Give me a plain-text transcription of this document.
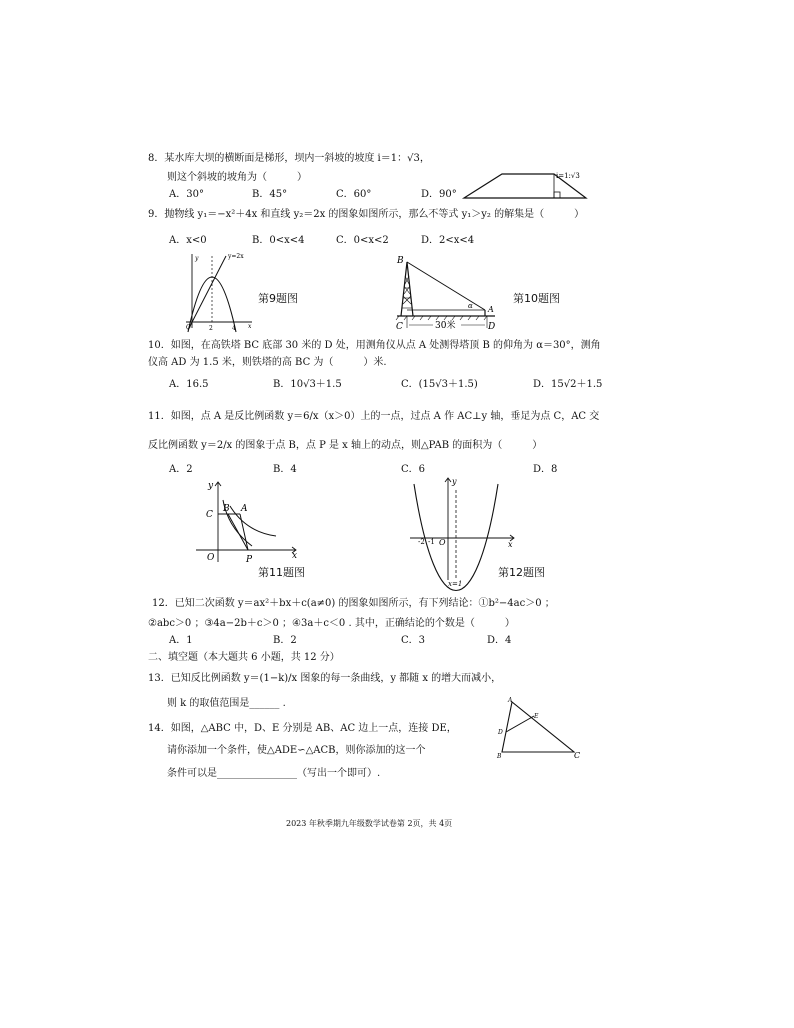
8．某水库大坝的横断面是梯形，坝内一斜坡的坡度 i＝1：√3，
则这个斜坡的坡角为（　　　）
A．30°	B．45°	C．60°	D．90°
i=1:√3
9．抛物线 y₁＝−x²＋4x 和直线 y₂＝2x 的图象如图所示，那么不等式 y₁＞y₂ 的解集是（　　　）
A．x<0	B．0<x<4	C．0<x<2	D．2<x<4
y=2x
y
x
O	2	4
第9题图
B
C	D
A
α
30米
第10题图
10．如图，在高铁塔 BC 底部 30 米的 D 处，用测角仪从点 A 处测得塔顶 B 的仰角为 α＝30°，测角
仪高 AD 为 1.5 米，则铁塔的高 BC 为（　　　）米.
A．16.5	B．10√3＋1.5	C．(15√3＋1.5)	D．15√2＋1.5
11．如图，点 A 是反比例函数 y＝6/x（x＞0）上的一点，过点 A 作 AC⊥y 轴，垂足为点 C，AC 交
反比例函数 y＝2/x 的图象于点 B，点 P 是 x 轴上的动点，则△PAB 的面积为（　　　）
A．2	B．4	C．6	D．8
y
x
O
C
B A
P
第11题图
y
x
O
-2 -1
x=1
第12题图
12．已知二次函数 y＝ax²＋bx＋c(a≠0) 的图象如图所示，有下列结论：①b²−4ac＞0 ；
②abc＞0 ；③4a−2b＋c＞0 ；④3a＋c＜0 . 其中，正确结论的个数是（　　　）
A．1	B．2	C．3	D．4
二、填空题（本大题共 6 小题，共 12 分）
13．已知反比例函数 y＝(1−k)/x 图象的每一条曲线，y 都随 x 的增大而减小，
则 k 的取值范围是______ .
14．如图，△ABC 中，D、E 分别是 AB、AC 边上一点，连接 DE，
请你添加一个条件，使△ADE∽△ACB，则你添加的这一个
条件可以是________________（写出一个即可）.
A
E
D
B	C
2023 年秋季期九年级数学试卷第 2页，共 4页
